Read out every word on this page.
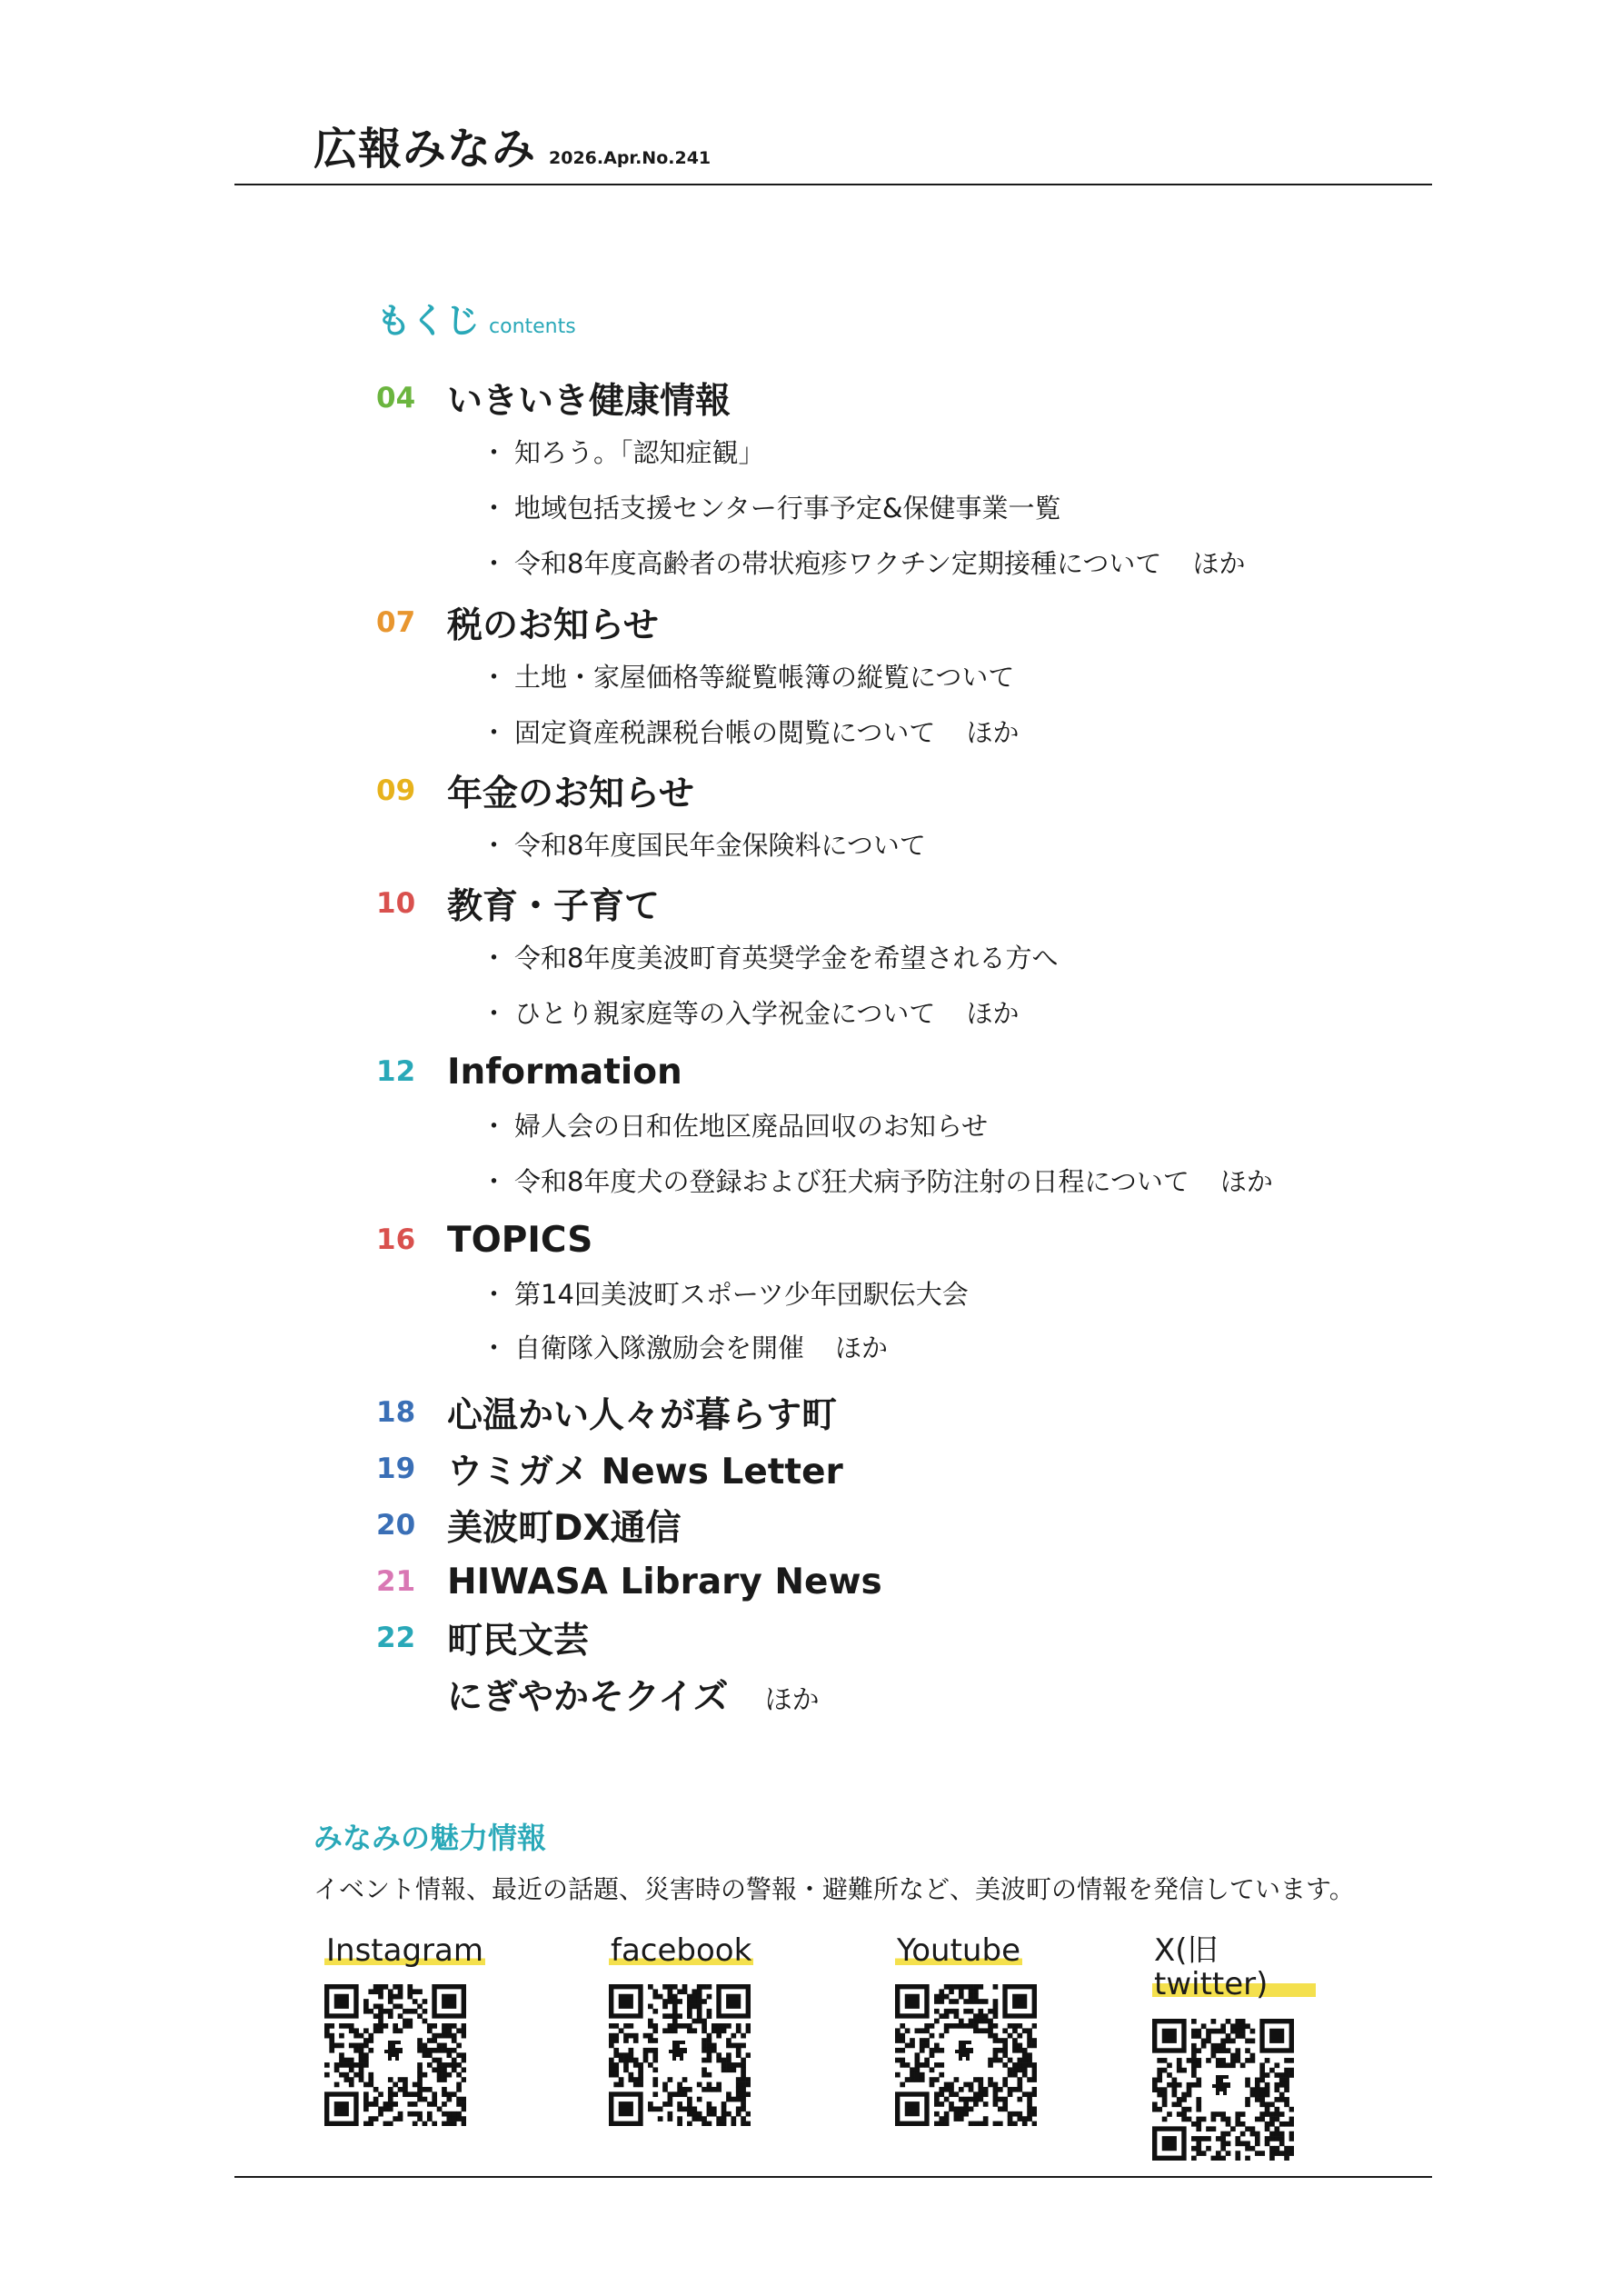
広報みなみ 2026.Apr.No.241
もくじ contents
04 いきいき健康情報
・ 知ろう。「認知症観」
・ 地域包括支援センター行事予定&保健事業一覧
・ 令和8年度高齢者の帯状疱疹ワクチン定期接種について ほか
07 税のお知らせ
・ 土地・家屋価格等縦覧帳簿の縦覧について
・ 固定資産税課税台帳の閲覧について ほか
09 年金のお知らせ
・ 令和8年度国民年金保険料について
10 教育・子育て
・ 令和8年度美波町育英奨学金を希望される方へ
・ ひとり親家庭等の入学祝金について ほか
12 Information
・ 婦人会の日和佐地区廃品回収のお知らせ
・ 令和8年度犬の登録および狂犬病予防注射の日程について ほか
16 TOPICS
・ 第14回美波町スポーツ少年団駅伝大会
・ 自衛隊入隊激励会を開催 ほか
18 心温かい人々が暮らす町
19 ウミガメ News Letter
20 美波町DX通信
21 HIWASA Library News
22 町民文芸
にぎやかそクイズ ほか
みなみの魅力情報
イベント情報、最近の話題、災害時の警報・避難所など、美波町の情報を発信しています。
Instagram	facebook	Youtube	X(旧 twitter)
